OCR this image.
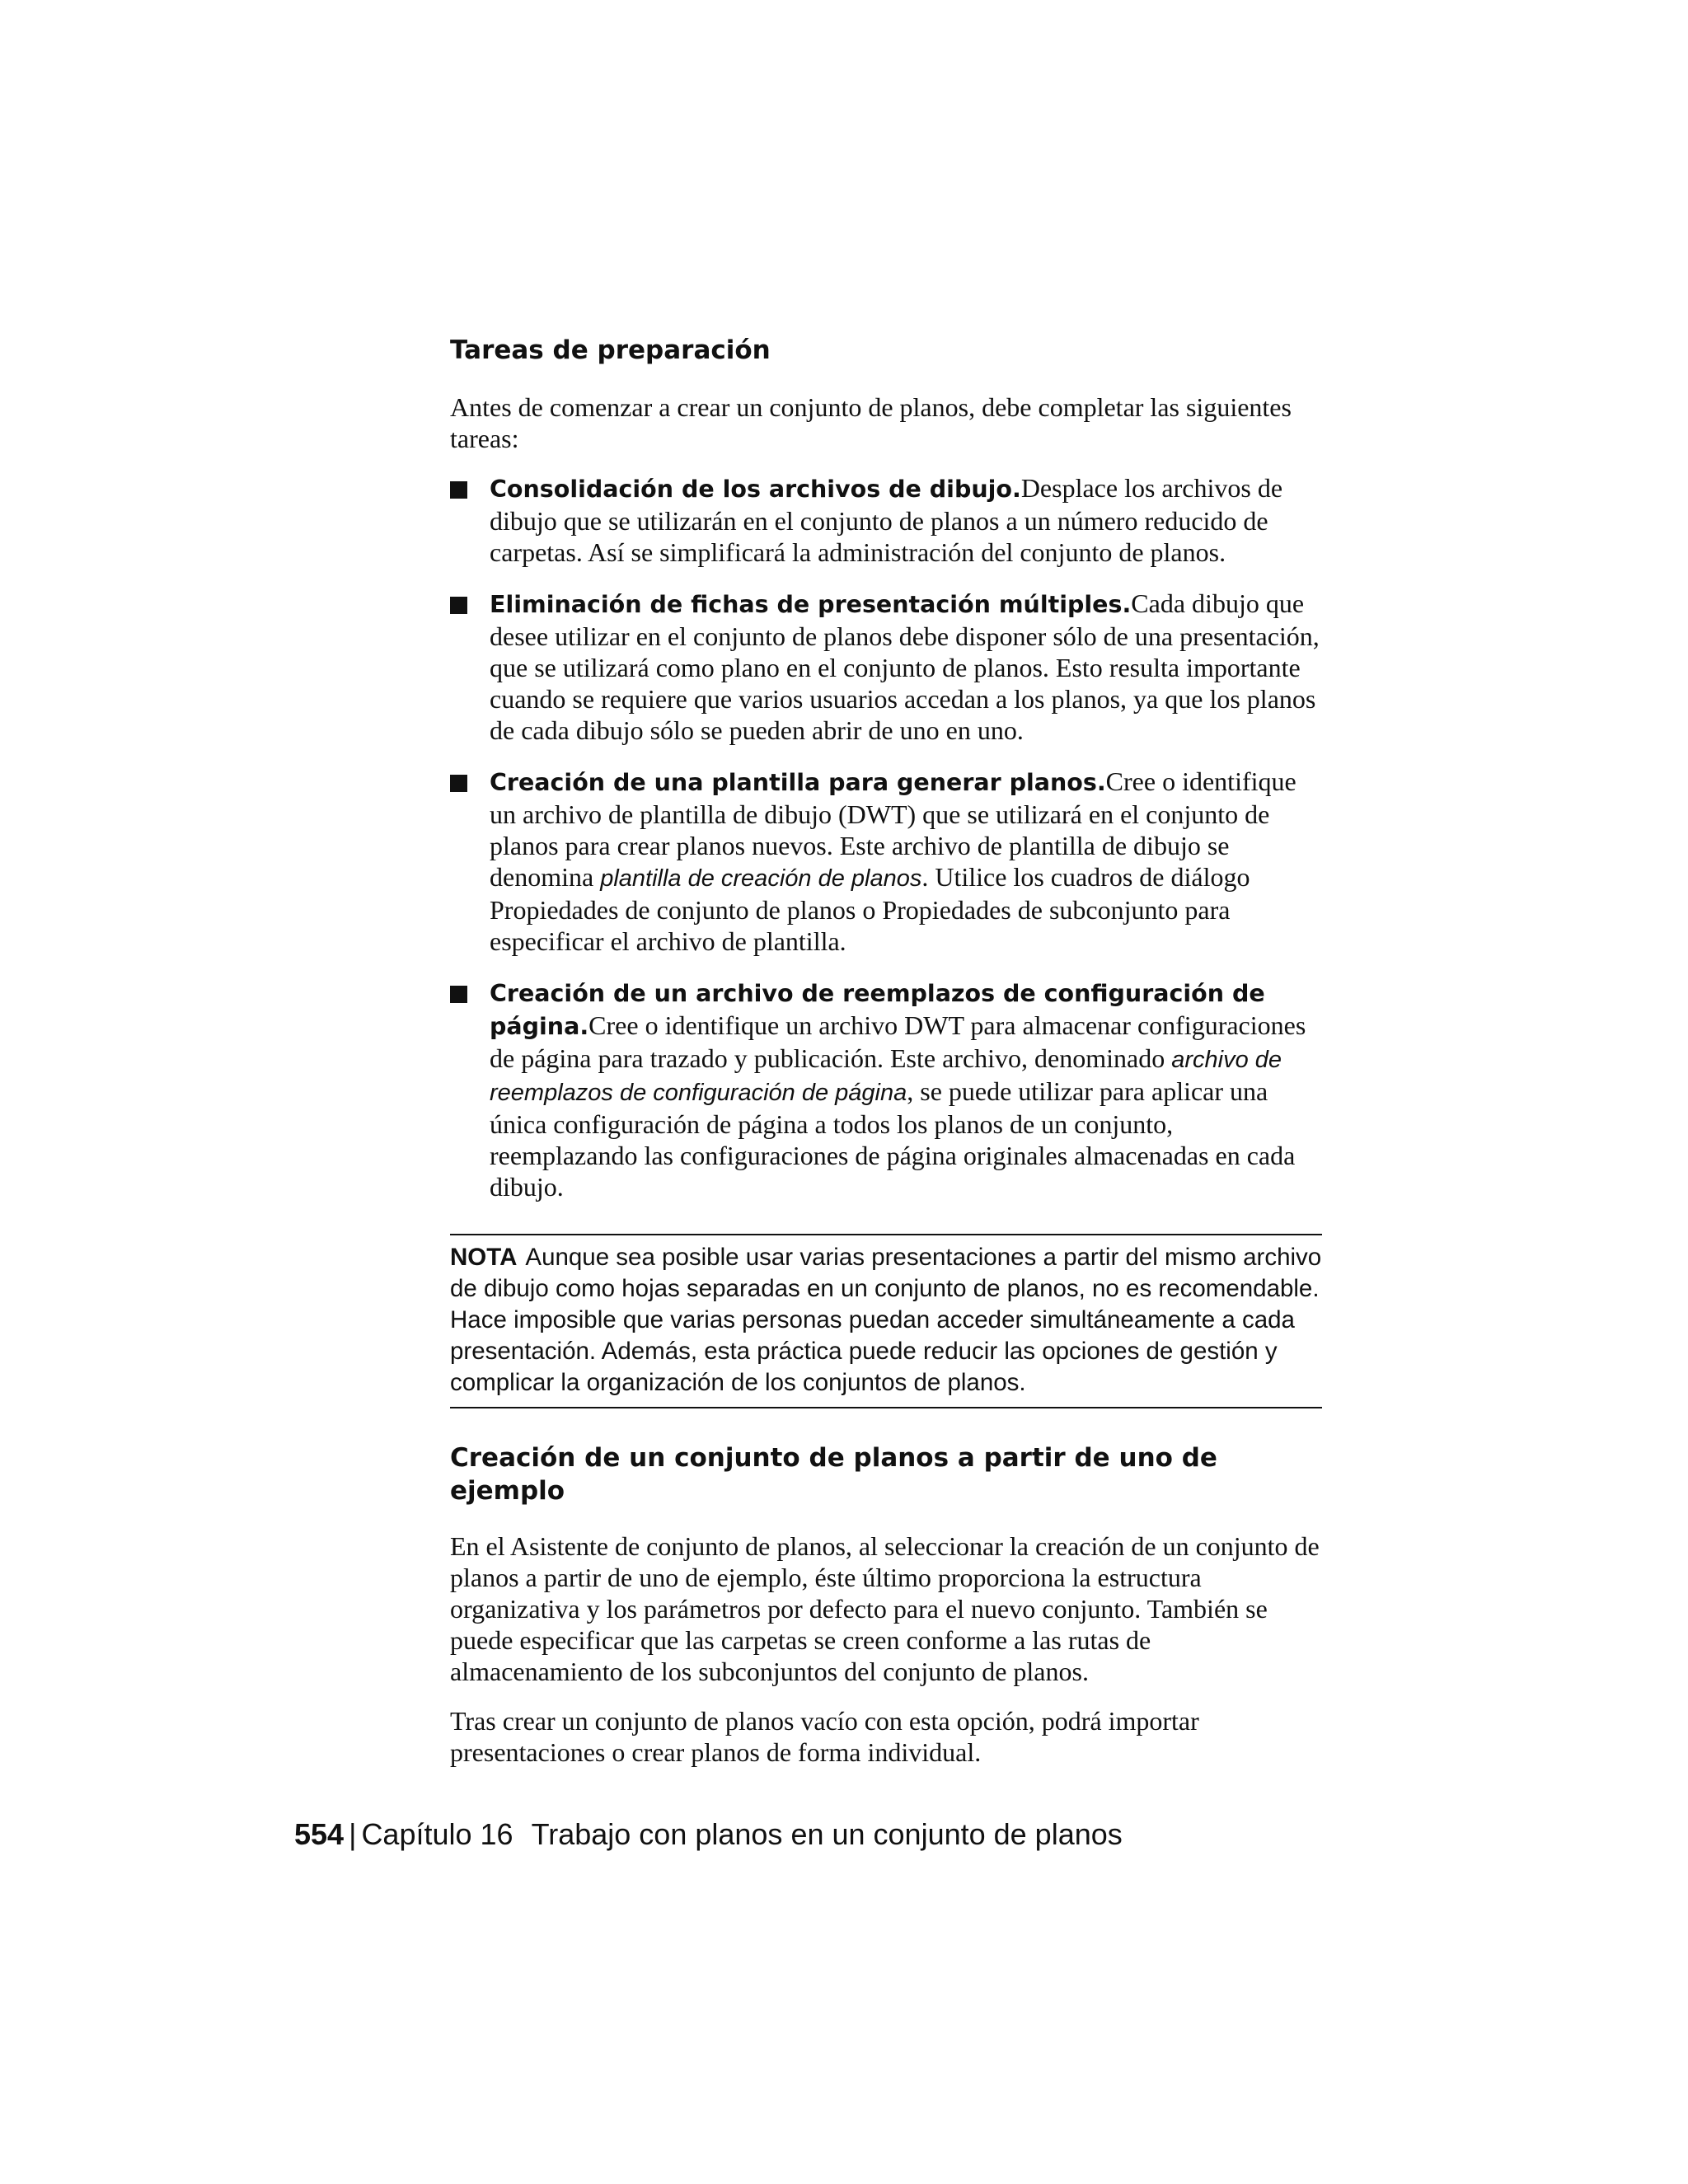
Tareas de preparación

Antes de comenzar a crear un conjunto de planos, debe completar las siguientes tareas:

Consolidación de los archivos de dibujo.Desplace los archivos de dibujo que se utilizarán en el conjunto de planos a un número reducido de carpetas. Así se simplificará la administración del conjunto de planos.
Eliminación de fichas de presentación múltiples.Cada dibujo que desee utilizar en el conjunto de planos debe disponer sólo de una presentación, que se utilizará como plano en el conjunto de planos. Esto resulta importante cuando se requiere que varios usuarios accedan a los planos, ya que los planos de cada dibujo sólo se pueden abrir de uno en uno.
Creación de una plantilla para generar planos.Cree o identifique un archivo de plantilla de dibujo (DWT) que se utilizará en el conjunto de planos para crear planos nuevos. Este archivo de plantilla de dibujo se denomina plantilla de creación de planos. Utilice los cuadros de diálogo Propiedades de conjunto de planos o Propiedades de subconjunto para especificar el archivo de plantilla.
Creación de un archivo de reemplazos de configuración de página.Cree o identifique un archivo DWT para almacenar configuraciones de página para trazado y publicación. Este archivo, denominado archivo de reemplazos de configuración de página, se puede utilizar para aplicar una única configuración de página a todos los planos de un conjunto, reemplazando las configuraciones de página originales almacenadas en cada dibujo.
NOTA Aunque sea posible usar varias presentaciones a partir del mismo archivo de dibujo como hojas separadas en un conjunto de planos, no es recomendable. Hace imposible que varias personas puedan acceder simultáneamente a cada presentación. Además, esta práctica puede reducir las opciones de gestión y complicar la organización de los conjuntos de planos.
Creación de un conjunto de planos a partir de uno de ejemplo

En el Asistente de conjunto de planos, al seleccionar la creación de un conjunto de planos a partir de uno de ejemplo, éste último proporciona la estructura organizativa y los parámetros por defecto para el nuevo conjunto. También se puede especificar que las carpetas se creen conforme a las rutas de almacenamiento de los subconjuntos del conjunto de planos.

Tras crear un conjunto de planos vacío con esta opción, podrá importar presentaciones o crear planos de forma individual.

554 | Capítulo 16 Trabajo con planos en un conjunto de planos
